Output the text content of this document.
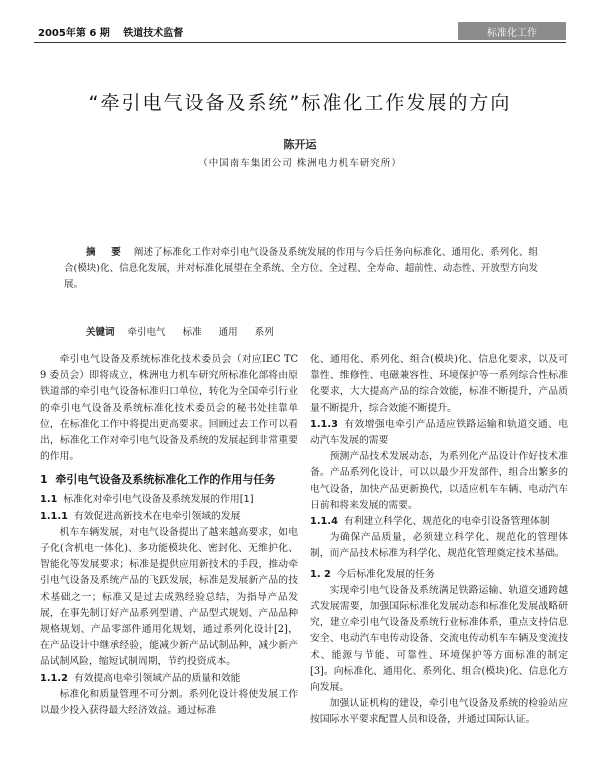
2005年第 6 期　 铁道技术监督	标准化工作
“牵引电气设备及系统”标准化工作发展的方向
陈开运
（中国南车集团公司 株洲电力机车研究所）
摘　要 阐述了标准化工作对牵引电气设备及系统发展的作用与今后任务向标准化、通用化、系列化、组合(模块)化、信息化发展，并对标准化展望在全系统、全方位、全过程、全寿命、超前性、动态性、开放型方向发展。
关键词 牵引电气 标准 通用 系列

牵引电气设备及系统标准化技术委员会（对应IEC TC 9 委员会）即将成立，株洲电力机车研究所标准化部将由原铁道部的牵引电气设备标准归口单位，转化为全国牵引行业的牵引电气设备及系统标准化技术委员会的秘书处挂靠单位，在标准化工作中将提出更高要求。回顾过去工作可以看出，标准化工作对牵引电气设备及系统的发展起到非常重要的作用。

1 牵引电气设备及系统标准化工作的作用与任务
1.1 标准化对牵引电气设备及系统发展的作用[1]
1.1.1 有效促进高新技术在电牵引领域的发展

机车车辆发展，对电气设备提出了越来越高要求，如电子化(含机电一体化)、多功能模块化、密封化、无维护化、智能化等发展要求；标准是提供应用新技术的手段，推动牵引电气设备及系统产品的飞跃发展，标准是发展新产品的技术基础之一；标准又是过去成熟经验总结，为指导产品发展，在事先制订好产品系列型谱、产品型式规划、产品品种规格规划、产品零部件通用化规划，通过系列化设计[2]，在产品设计中继承经验，能减少新产品试制品种，减少新产品试制风险，缩短试制周期，节约投资成本。

1.1.2 有效提高电牵引领域产品的质量和效能

标准化和质量管理不可分割。系列化设计将使发展工作以最少投入获得最大经济效益。通过标准

化、通用化、系列化、组合(模块)化、信息化要求，以及可靠性、维修性、电磁兼容性、环境保护等一系列综合性标准化要求，大大提高产品的综合效能，标准不断提升，产品质量不断提升，综合效能不断提升。

1.1.3 有效增强电牵引产品适应铁路运输和轨道交通、电动汽车发展的需要

预测产品技术发展动态，为系列化产品设计作好技术准备。产品系列化设计，可以以最少开发部件，组合出繁多的电气设备，加快产品更新换代，以适应机车车辆、电动汽车日前和将来发展的需要。

1.1.4 有利建立科学化、规范化的电牵引设备管理体制

为确保产品质量，必须建立科学化、规范化的管理体制，而产品技术标准为科学化、规范化管理奠定技术基础。

1. 2 今后标准化发展的任务

实现牵引电气设备及系统满足铁路运输、轨道交通跨越式发展需要，加强国际标准化发展动态和标准化发展战略研究，建立牵引电气设备及系统行业标准体系，重点支持信息安全、电动汽车电传动设备、交流电传动机车车辆及变流技术、能源与节能、可靠性、环境保护等方面标准的制定[3]。向标准化、通用化、系列化、组合(模块)化、信息化方向发展。

加强认证机构的建设，牵引电气设备及系统的检验站应按国际水平要求配置人员和设备，并通过国际认证。
